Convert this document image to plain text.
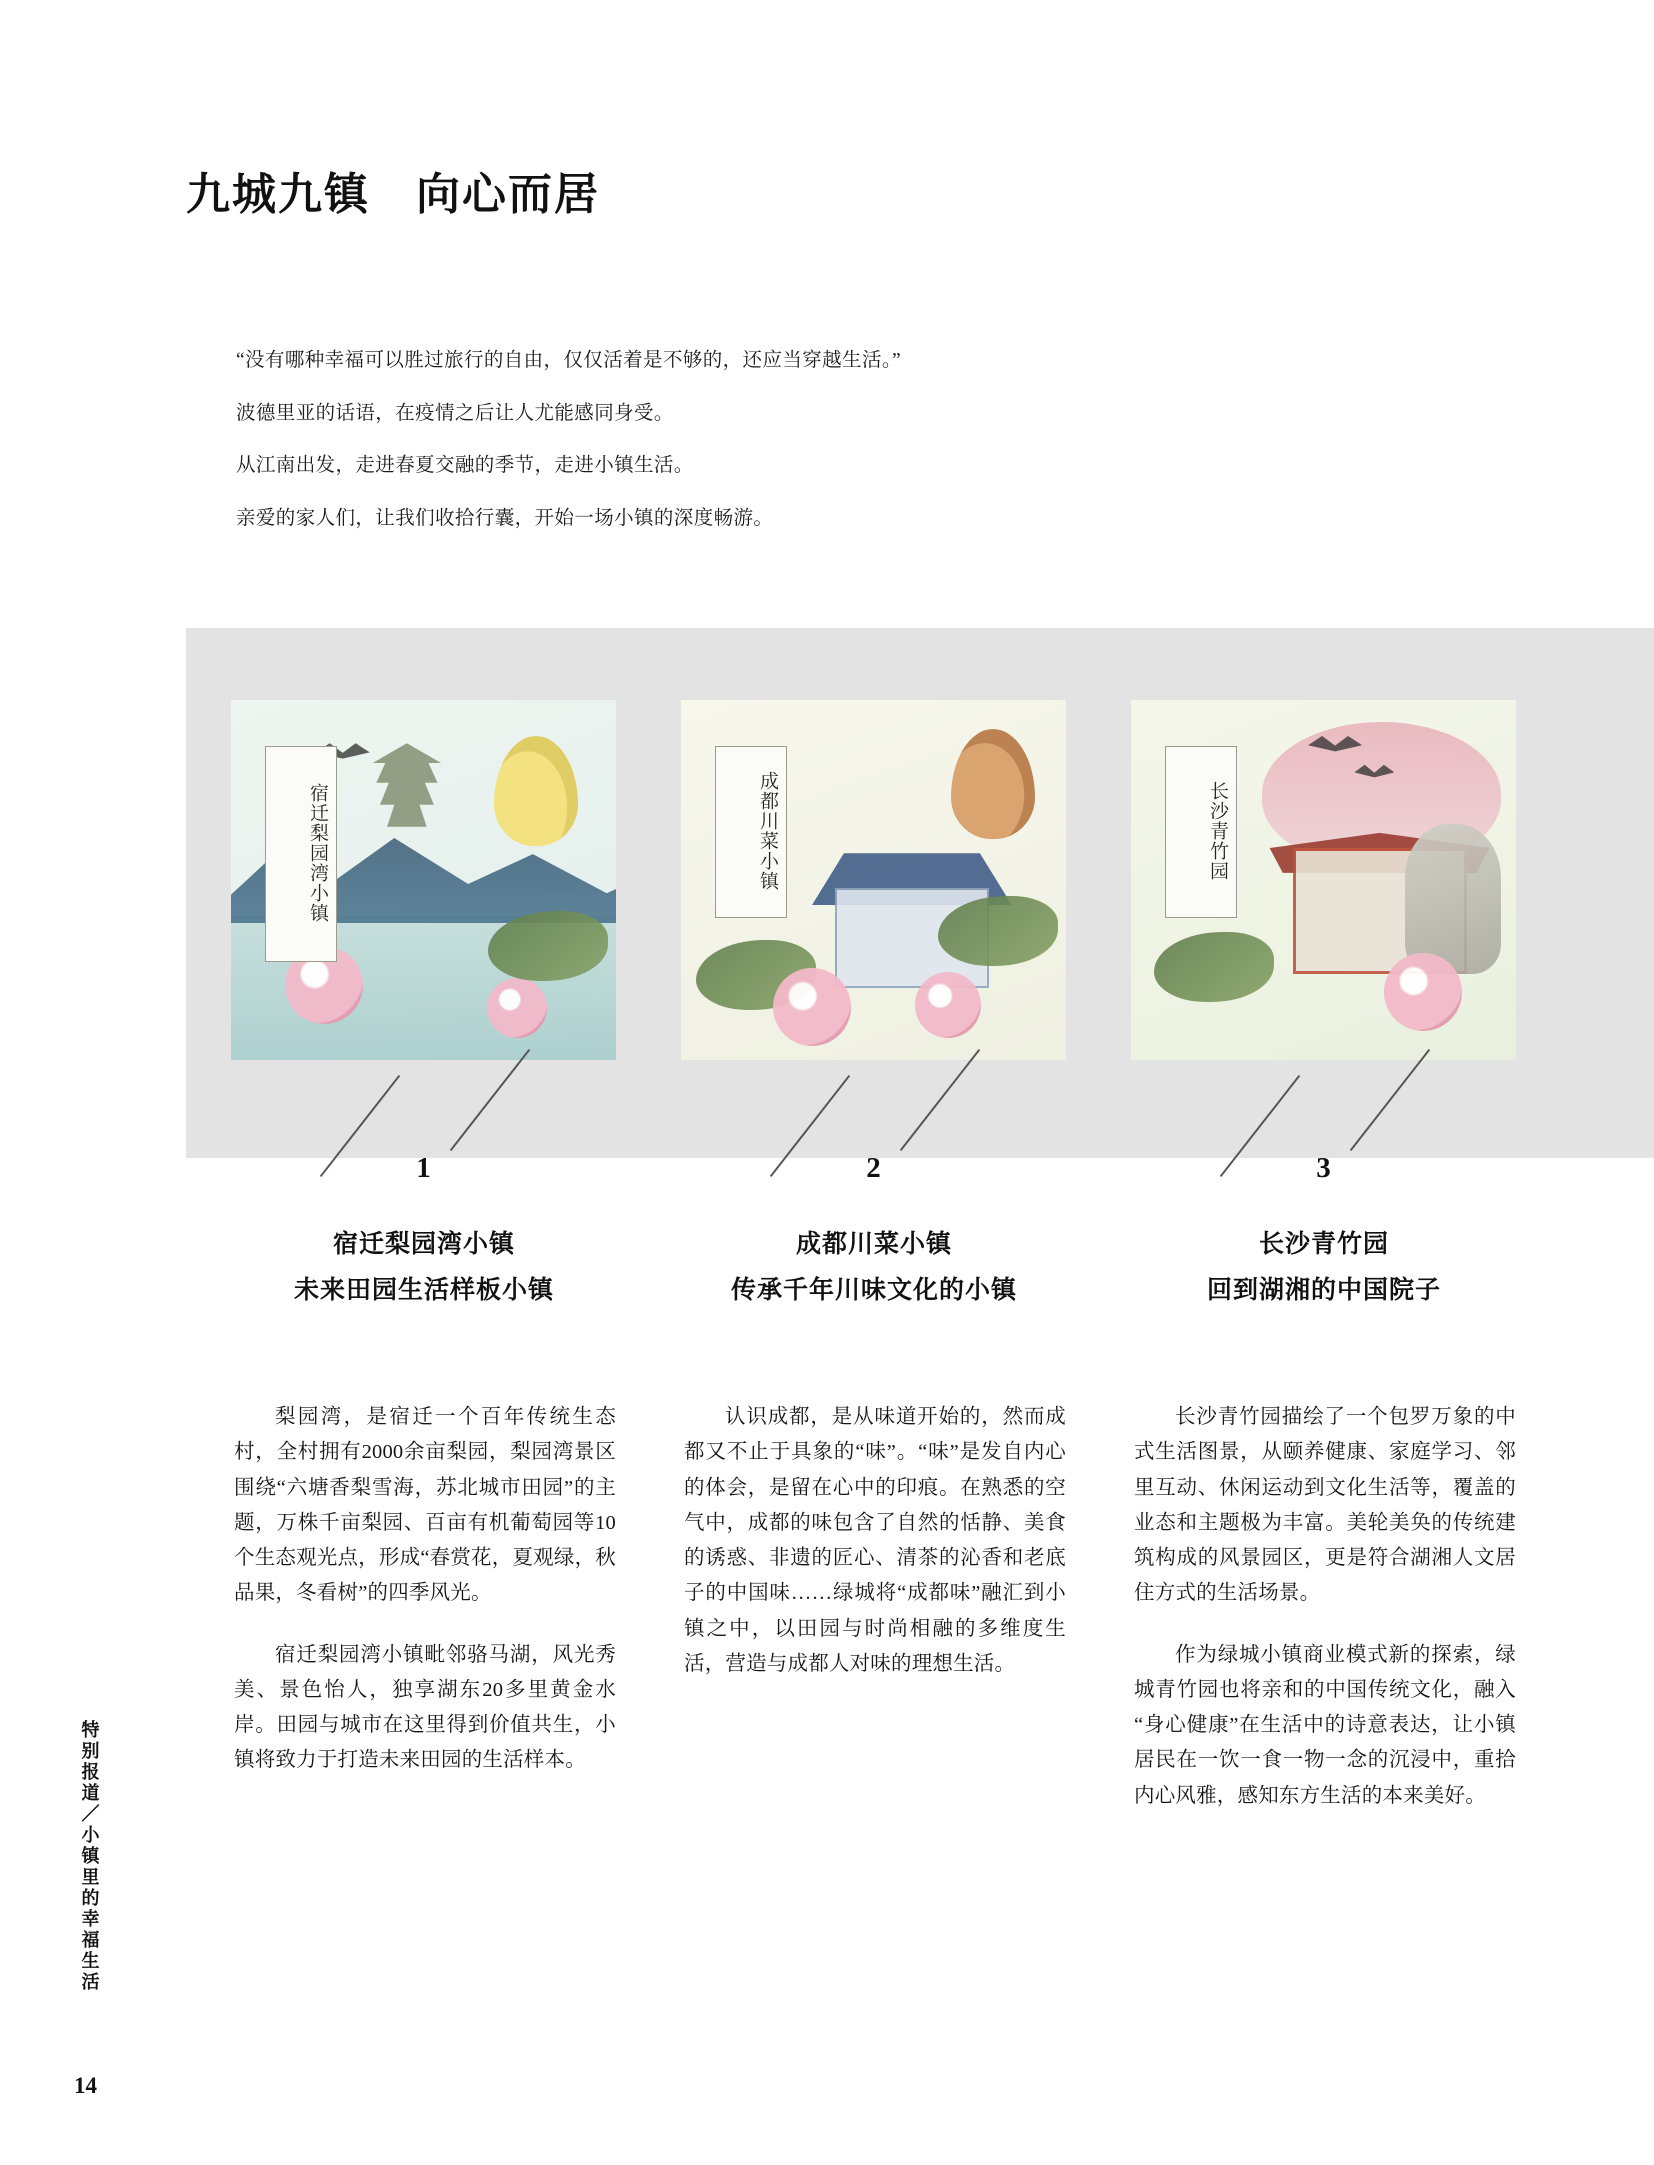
九城九镇　向心而居
“没有哪种幸福可以胜过旅行的自由，仅仅活着是不够的，还应当穿越生活。”
波德里亚的话语，在疫情之后让人尤能感同身受。
从江南出发，走进春夏交融的季节，走进小镇生活。
亲爱的家人们，让我们收拾行囊，开始一场小镇的深度畅游。
宿迁梨园湾小镇	成都川菜小镇	长沙青竹园
1	2	3
宿迁梨园湾小镇
未来田园生活样板小镇
成都川菜小镇
传承千年川味文化的小镇
长沙青竹园
回到湖湘的中国院子

梨园湾，是宿迁一个百年传统生态村，全村拥有2000余亩梨园，梨园湾景区围绕“六塘香梨雪海，苏北城市田园”的主题，万株千亩梨园、百亩有机葡萄园等10个生态观光点，形成“春赏花，夏观绿，秋品果，冬看树”的四季风光。

宿迁梨园湾小镇毗邻骆马湖，风光秀美、景色怡人，独享湖东20多里黄金水岸。田园与城市在这里得到价值共生，小镇将致力于打造未来田园的生活样本。

认识成都，是从味道开始的，然而成都又不止于具象的“味”。“味”是发自内心的体会，是留在心中的印痕。在熟悉的空气中，成都的味包含了自然的恬静、美食的诱惑、非遗的匠心、清茶的沁香和老底子的中国味……绿城将“成都味”融汇到小镇之中，以田园与时尚相融的多维度生活，营造与成都人对味的理想生活。

长沙青竹园描绘了一个包罗万象的中式生活图景，从颐养健康、家庭学习、邻里互动、休闲运动到文化生活等，覆盖的业态和主题极为丰富。美轮美奂的传统建筑构成的风景园区，更是符合湖湘人文居住方式的生活场景。

作为绿城小镇商业模式新的探索，绿城青竹园也将亲和的中国传统文化，融入“身心健康”在生活中的诗意表达，让小镇居民在一饮一食一物一念的沉浸中，重拾内心风雅，感知东方生活的本来美好。

特别报道／小镇里的幸福生活
14
